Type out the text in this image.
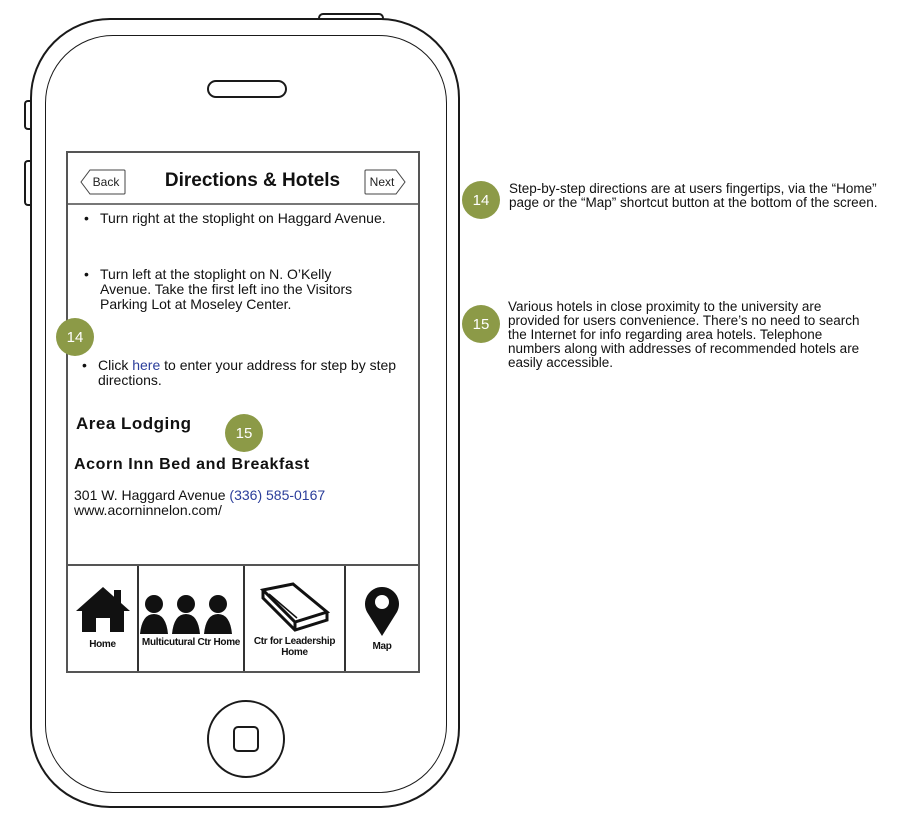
Back	Directions & Hotels	Next
• Turn right at the stoplight on Haggard Avenue.
• Turn left at the stoplight on N. O’Kelly Avenue. Take the first left ino the Visitors Parking Lot at Moseley Center.
• Click here to enter your address for step by step directions.
Area Lodging
Acorn Inn Bed and Breakfast
301 W. Haggard Avenue (336) 585-0167
www.acorninnelon.com/
14
15
Home	Multicutural Ctr Home	Ctr for Leadership Home
Map
14
Step-by-step directions are at users fingertips, via the “Home” page or the “Map” shortcut button at the bottom of the screen.
15
Various hotels in close proximity to the university are provided for users convenience. There’s no need to search the Internet for info regarding area hotels. Telephone numbers along with addresses of recommended hotels are easily accessible.
